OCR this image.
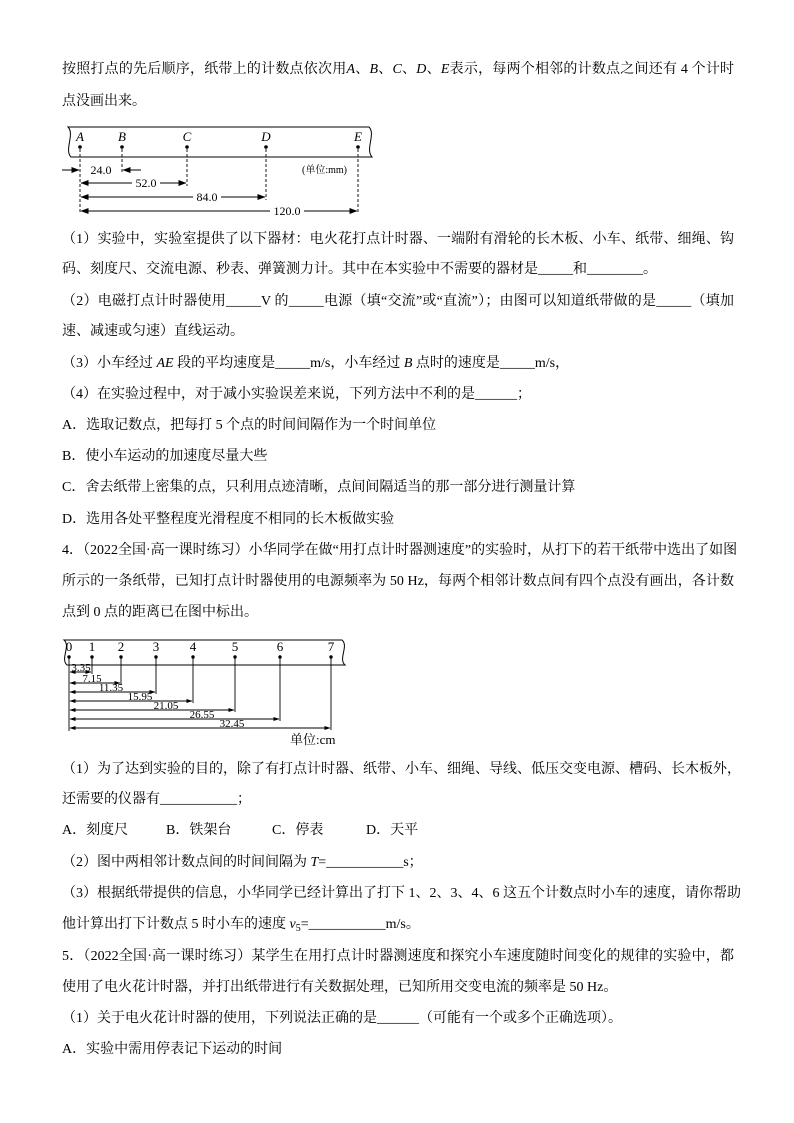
按照打点的先后顺序，纸带上的计数点依次用A、B、C、D、E表示，每两个相邻的计数点之间还有 4 个计时
点没画出来。
A	B	C	D	E
24.0
52.0
84.0
120.0
(单位:mm)
（1）实验中，实验室提供了以下器材：电火花打点计时器、一端附有滑轮的长木板、小车、纸带、细绳、钩
码、刻度尺、交流电源、秒表、弹簧测力计。其中在本实验中不需要的器材是_____和________。
（2）电磁打点计时器使用_____V 的_____电源（填“交流”或“直流”）；由图可以知道纸带做的是_____（填加
速、减速或匀速）直线运动。
（3）小车经过 AE 段的平均速度是_____m/s，小车经过 B 点时的速度是_____m/s，
（4）在实验过程中，对于减小实验误差来说，下列方法中不利的是______；
A．选取记数点，把每打 5 个点的时间间隔作为一个时间单位
B．使小车运动的加速度尽量大些
C．舍去纸带上密集的点，只利用点迹清晰，点间间隔适当的那一部分进行测量计算
D．选用各处平整程度光滑程度不相同的长木板做实验
4．（2022全国·高一课时练习）小华同学在做“用打点计时器测速度”的实验时，从打下的若干纸带中选出了如图
所示的一条纸带，已知打点计时器使用的电源频率为 50 Hz，每两个相邻计数点间有四个点没有画出，各计数
点到 0 点的距离已在图中标出。
0 1 2 3 4	5	6	7
3.35
7.15
11.35
15.95
21.05
26.55
32.45
单位:cm
（1）为了达到实验的目的，除了有打点计时器、纸带、小车、细绳、导线、低压交变电源、槽码、长木板外，
还需要的仪器有___________；
A．刻度尺	B．铁架台	C．停表	D．天平
（2）图中两相邻计数点间的时间间隔为 T=___________s；
（3）根据纸带提供的信息，小华同学已经计算出了打下 1、2、3、4、6 这五个计数点时小车的速度，请你帮助
他计算出打下计数点 5 时小车的速度 $v_5=\_\_\_\_\_\_\_\_\_\_\_m/s$。
5．（2022全国·高一课时练习）某学生在用打点计时器测速度和探究小车速度随时间变化的规律的实验中，都
使用了电火花计时器，并打出纸带进行有关数据处理，已知所用交变电流的频率是 50 Hz。
（1）关于电火花计时器的使用，下列说法正确的是______（可能有一个或多个正确选项）。
A．实验中需用停表记下运动的时间
